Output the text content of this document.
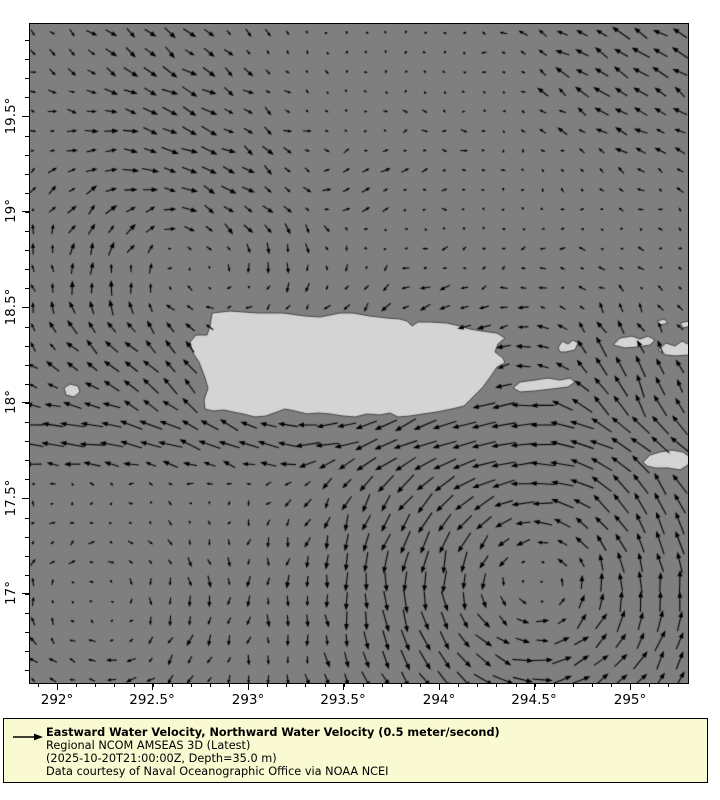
292°	292.5°	293°	293.5°	294°	294.5°	295°
19.5°
19°
18.5°
18°
17.5°
17°
Eastward Water Velocity, Northward Water Velocity (0.5 meter/second)
Regional NCOM AMSEAS 3D (Latest)
(2025-10-20T21:00:00Z, Depth=35.0 m)
Data courtesy of Naval Oceanographic Office via NOAA NCEI
